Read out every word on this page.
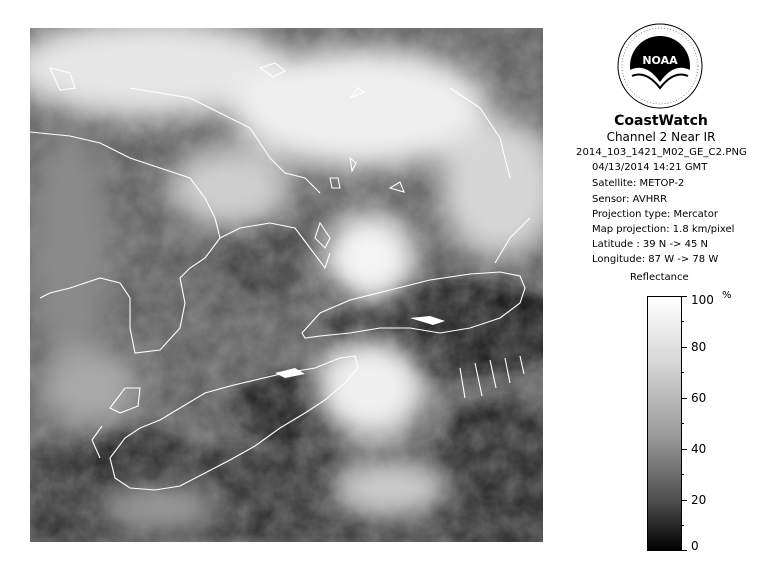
NOAA
CoastWatch
Channel 2 Near IR
2014_103_1421_M02_GE_C2.PNG
04/13/2014 14:21 GMT
Satellite: METOP-2
Sensor: AVHRR
Projection type: Mercator
Map projection: 1.8 km/pixel
Latitude : 39 N -> 45 N
Longitude: 87 W -> 78 W
Reflectance
100
80
60
40
20
0
%
